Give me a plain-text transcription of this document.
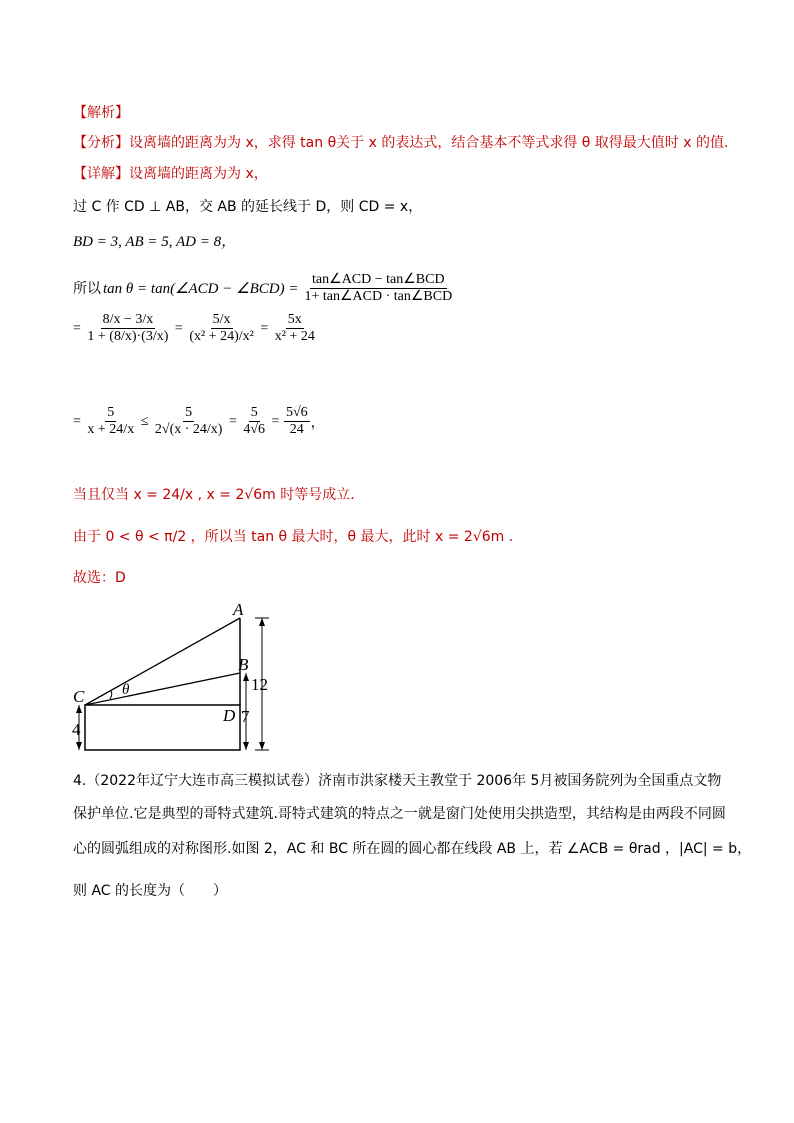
【解析】
【分析】设离墙的距离为为 x，求得 tan θ关于 x 的表达式，结合基本不等式求得 θ 取得最大值时 x 的值.
【详解】设离墙的距离为为 x，
过 C 作 CD ⊥ AB，交 AB 的延长线于 D，则 CD = x，
BD = 3, AB = 5, AD = 8，
所以 tan θ = tan(∠ACD − ∠BCD) = $\frac{\text{tan∠ACD − tan∠BCD}}{\text{1+ tan∠ACD · tan∠BCD}}$
= $\frac{8/x - 3/x}{1 + (8/x)\cdot(3/x)} = \frac{5/x}{\text{(x² + 24)/x²}} = \frac{5x}{\text{x² + 24}}$
= $\frac{5}{x + 24/x} \le \frac{5}{2√(x \cdot 24/x)} = \frac{5}{4√6} = \frac{5√6}{24}$ ，
当且仅当 x = 24/x , x = 2√6m 时等号成立.
由于 0 < θ < π/2 ，所以当 tan θ 最大时，θ 最大，此时 x = 2√6m .
故选：D
A
B
C
D
θ	12
7
4
4.（2022年辽宁大连市高三模拟试卷）济南市洪家楼天主教堂于 2006年 5月被国务院列为全国重点文物
保护单位.它是典型的哥特式建筑.哥特式建筑的特点之一就是窗门处使用尖拱造型，其结构是由两段不同圆
心的圆弧组成的对称图形.如图 2，AC 和 BC 所在圆的圆心都在线段 AB 上，若 ∠ACB = θrad ，|AC| = b，
则 AC 的长度为（　　）
